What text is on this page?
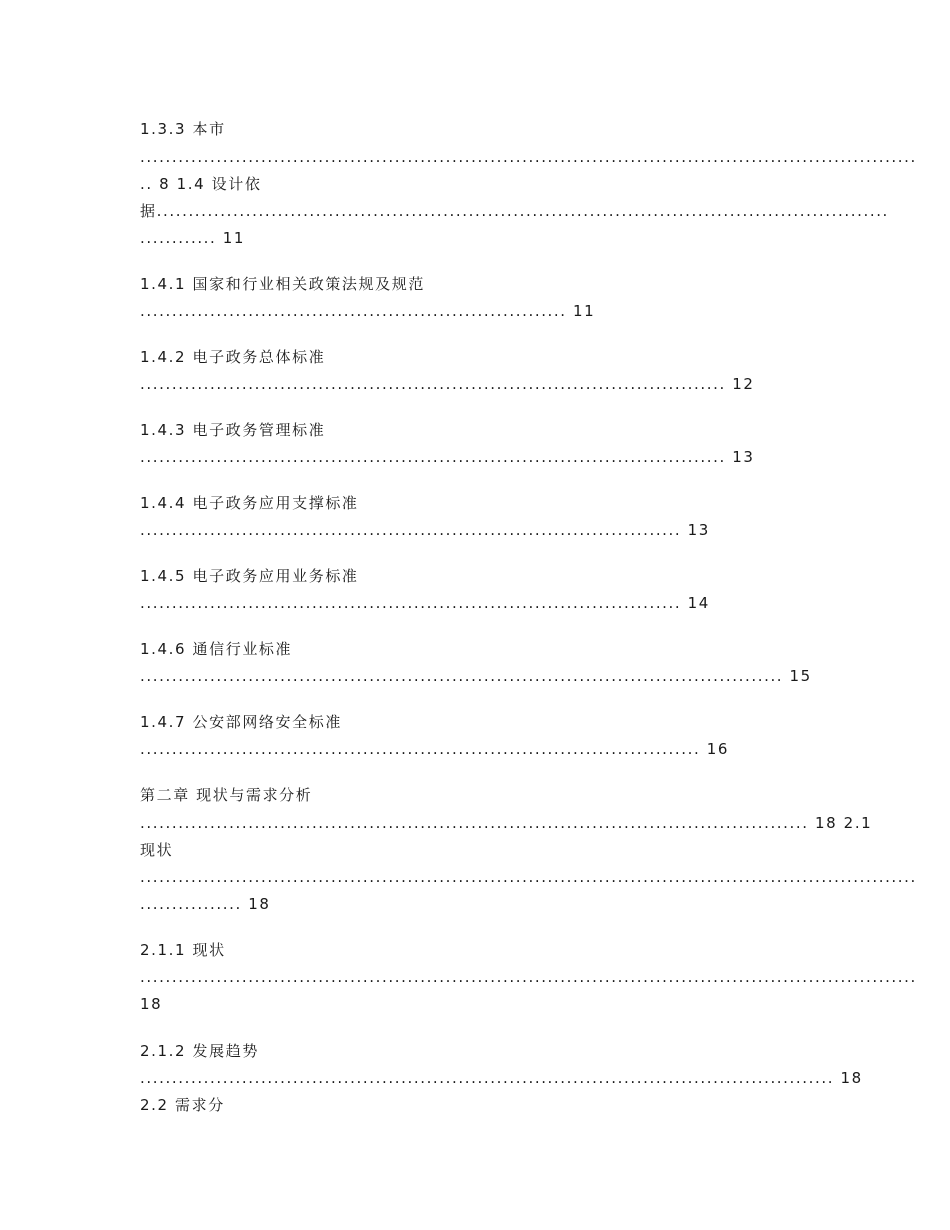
1.3.3 本市
..........................................................................................................................
.. 8 1.4 设计依
据...................................................................................................................
............ 11
1.4.1 国家和行业相关政策法规及规范
................................................................... 11
1.4.2 电子政务总体标准
............................................................................................ 12
1.4.3 电子政务管理标准
............................................................................................ 13
1.4.4 电子政务应用支撑标准
..................................................................................... 13
1.4.5 电子政务应用业务标准
..................................................................................... 14
1.4.6 通信行业标准
..................................................................................................... 15
1.4.7 公安部网络安全标准
........................................................................................ 16
第二章 现状与需求分析
......................................................................................................... 18 2.1
现状
..........................................................................................................................
................ 18
2.1.1 现状
..........................................................................................................................
18
2.1.2 发展趋势
............................................................................................................. 18
2.2 需求分
